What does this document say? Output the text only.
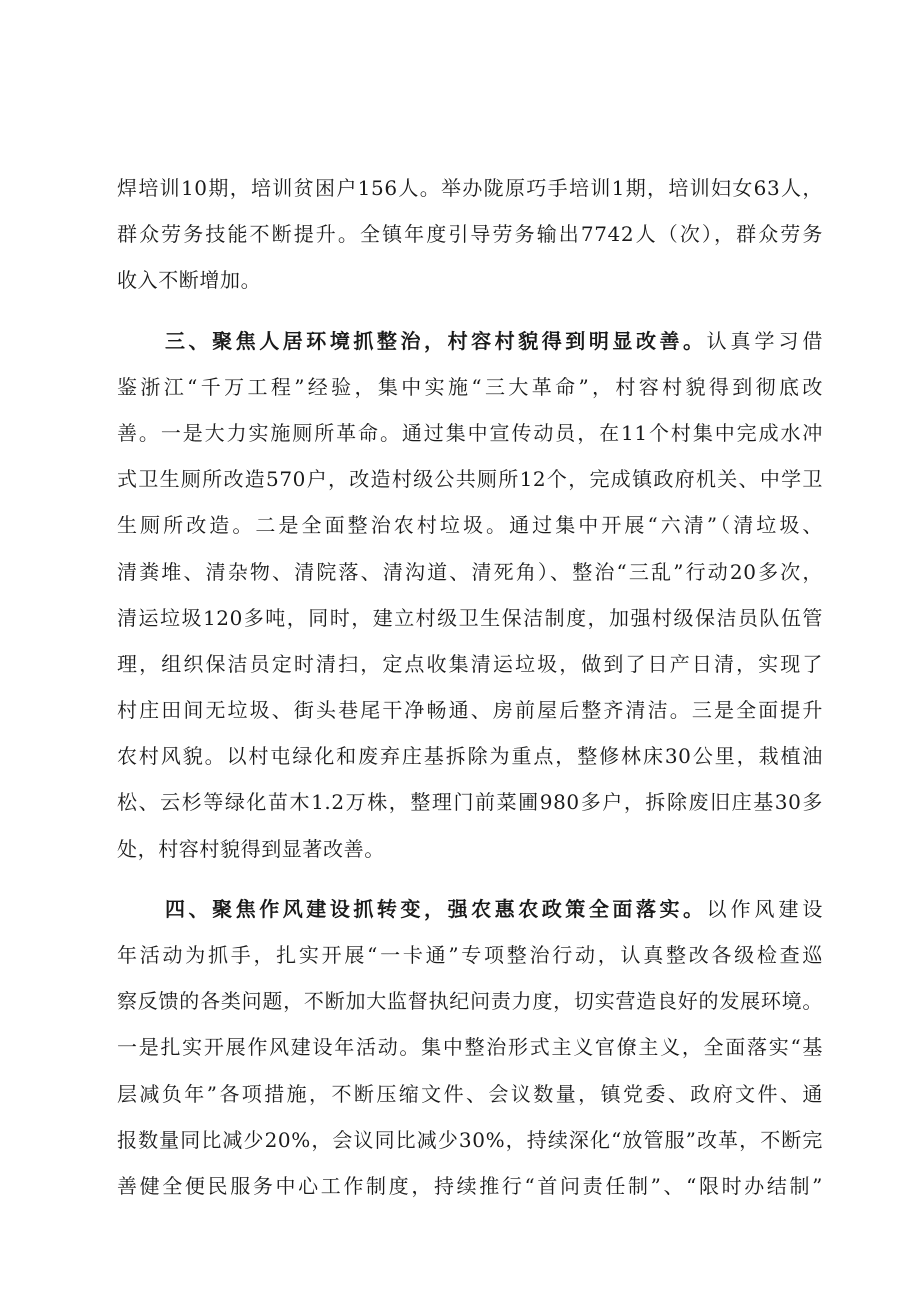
焊培训10期，培训贫困户156人。举办陇原巧手培训1期，培训妇女63人，
群众劳务技能不断提升。全镇年度引导劳务输出7742人（次），群众劳务
收入不断增加。
三、聚焦人居环境抓整治，村容村貌得到明显改善。认真学习借
鉴浙江“千万工程”经验，集中实施“三大革命”，村容村貌得到彻底改
善。一是大力实施厕所革命。通过集中宣传动员，在11个村集中完成水冲
式卫生厕所改造570户，改造村级公共厕所12个，完成镇政府机关、中学卫
生厕所改造。二是全面整治农村垃圾。通过集中开展“六清”（清垃圾、
清粪堆、清杂物、清院落、清沟道、清死角）、整治“三乱”行动20多次，
清运垃圾120多吨，同时，建立村级卫生保洁制度，加强村级保洁员队伍管
理，组织保洁员定时清扫，定点收集清运垃圾，做到了日产日清，实现了
村庄田间无垃圾、街头巷尾干净畅通、房前屋后整齐清洁。三是全面提升
农村风貌。以村屯绿化和废弃庄基拆除为重点，整修林床30公里，栽植油
松、云杉等绿化苗木1.2万株，整理门前菜圃980多户，拆除废旧庄基30多
处，村容村貌得到显著改善。
四、聚焦作风建设抓转变，强农惠农政策全面落实。以作风建设
年活动为抓手，扎实开展“一卡通”专项整治行动，认真整改各级检查巡
察反馈的各类问题，不断加大监督执纪问责力度，切实营造良好的发展环境。
一是扎实开展作风建设年活动。集中整治形式主义官僚主义，全面落实“基
层减负年”各项措施，不断压缩文件、会议数量，镇党委、政府文件、通
报数量同比减少20%，会议同比减少30%，持续深化“放管服”改革，不断完
善健全便民服务中心工作制度，持续推行“首问责任制”、“限时办结制”
